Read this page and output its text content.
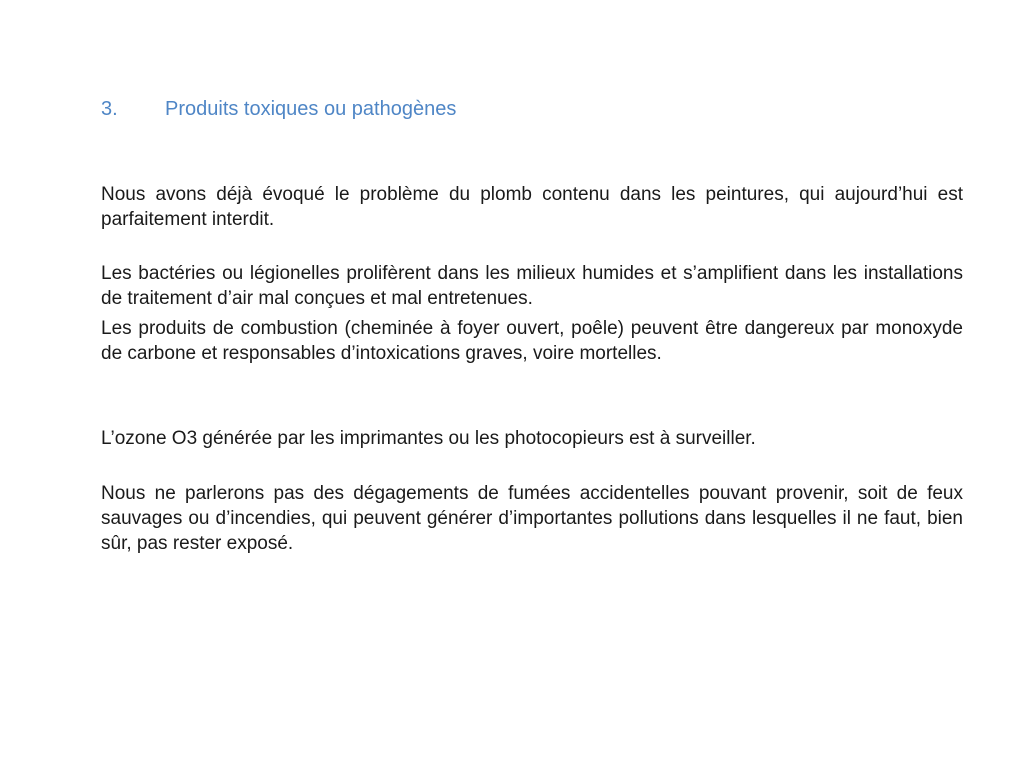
3. Produits toxiques ou pathogènes

Nous avons déjà évoqué le problème du plomb contenu dans les peintures, qui aujourd’hui est parfaitement interdit.

Les bactéries ou légionelles prolifèrent dans les milieux humides et s’amplifient dans les installations de traitement d’air mal conçues et mal entretenues.

Les produits de combustion (cheminée à foyer ouvert, poêle) peuvent être dangereux par monoxyde de carbone et responsables d’intoxications graves, voire mortelles.

L’ozone O3 générée par les imprimantes ou les photocopieurs est à surveiller.

Nous ne parlerons pas des dégagements de fumées accidentelles pouvant provenir, soit de feux sauvages ou d’incendies, qui peuvent générer d’importantes pollutions dans lesquelles il ne faut, bien sûr, pas rester exposé.
